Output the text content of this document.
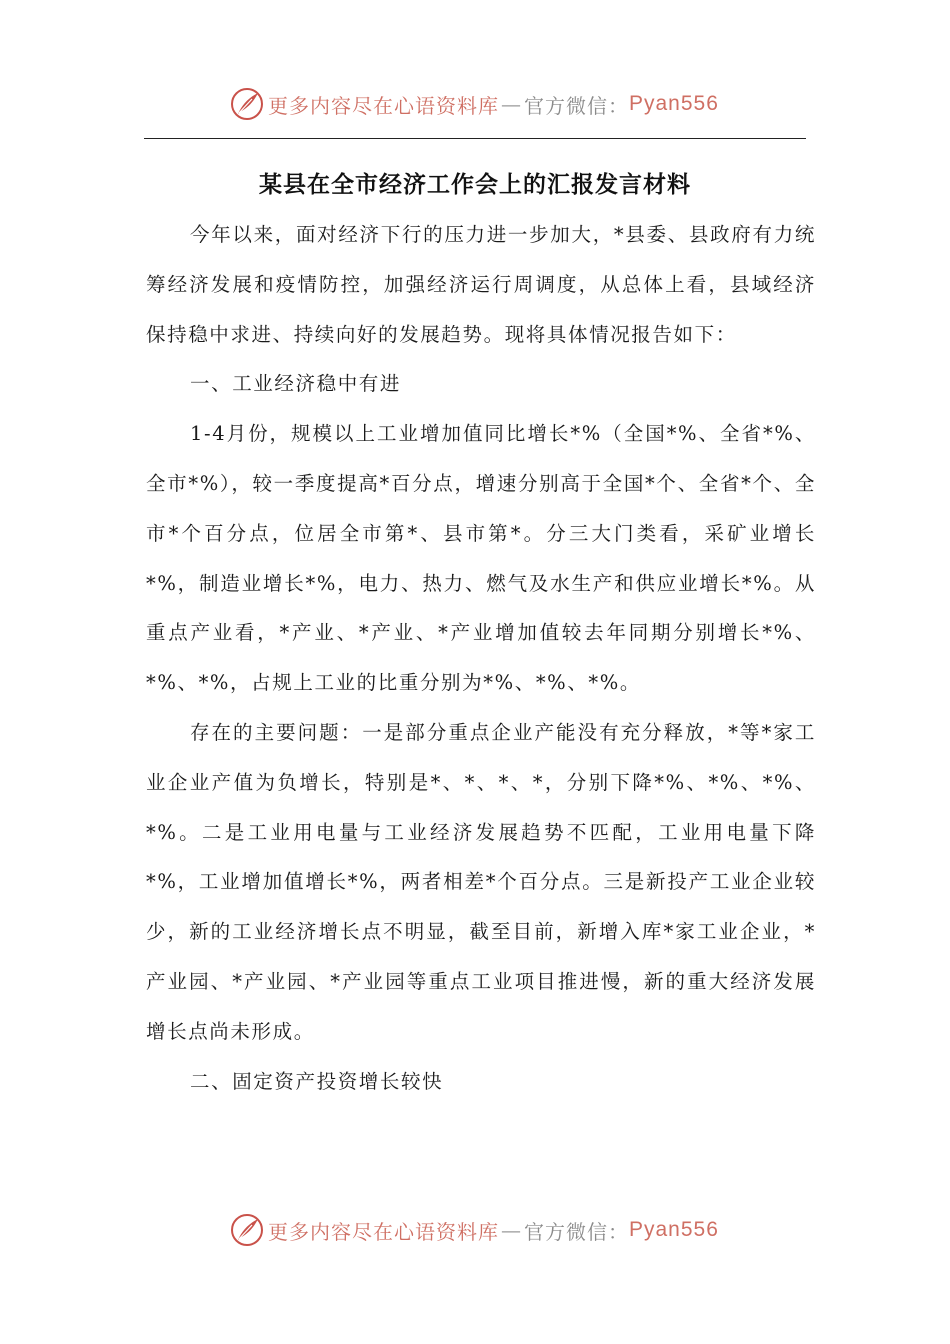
更多内容尽在心语资料库 — 官方微信： Pyan556
某县在全市经济工作会上的汇报发言材料

今年以来，面对经济下行的压力进一步加大，*县委、县政府有力统筹经济发展和疫情防控，加强经济运行周调度，从总体上看，县域经济保持稳中求进、持续向好的发展趋势。现将具体情况报告如下：

一、工业经济稳中有进

1-4月份，规模以上工业增加值同比增长*%（全国*%、全省*%、全市*%），较一季度提高*百分点，增速分别高于全国*个、全省*个、全市*个百分点，位居全市第*、县市第*。分三大门类看，采矿业增长*%，制造业增长*%，电力、热力、燃气及水生产和供应业增长*%。从重点产业看，*产业、*产业、*产业增加值较去年同期分别增长*%、*%、*%，占规上工业的比重分别为*%、*%、*%。

存在的主要问题：一是部分重点企业产能没有充分释放，*等*家工业企业产值为负增长，特别是*、*、*、*，分别下降*%、*%、*%、*%。二是工业用电量与工业经济发展趋势不匹配，工业用电量下降*%，工业增加值增长*%，两者相差*个百分点。三是新投产工业企业较少，新的工业经济增长点不明显，截至目前，新增入库*家工业企业，*产业园、*产业园、*产业园等重点工业项目推进慢，新的重大经济发展增长点尚未形成。

二、固定资产投资增长较快

更多内容尽在心语资料库 — 官方微信： Pyan556
